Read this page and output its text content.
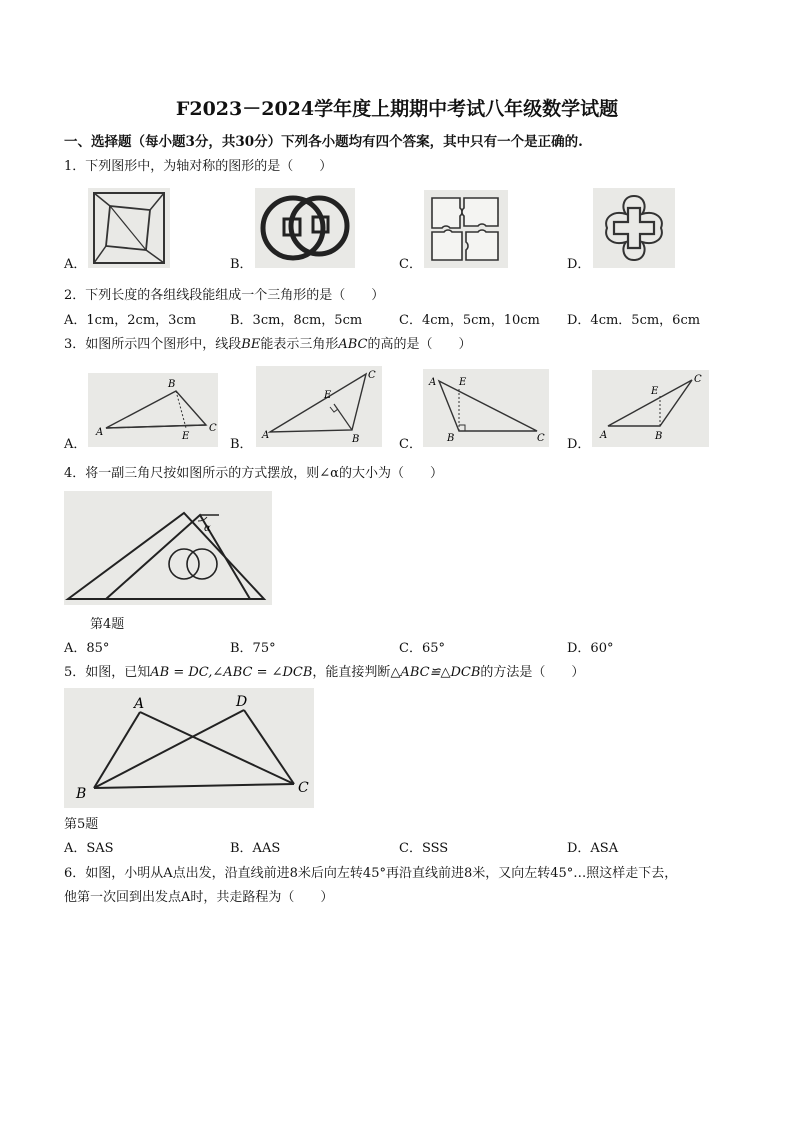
F2023－2024学年度上期期中考试八年级数学试题
一、选择题（每小题3分，共30分）下列各小题均有四个答案，其中只有一个是正确的.
1．下列图形中，为轴对称的图形的是（　　）
A．	B．	C．	D．
2．下列长度的各组线段能组成一个三角形的是（　　）
A．1cm，2cm，3cm	B．3cm，8cm，5cm	C．4cm，5cm，10cm D．4cm．5cm，6cm
3．如图所示四个图形中，线段BE能表示三角形ABC的高的是（　　）
A．
A
B
C
E
B．
A
C
B
E
C．
A E
B	C D．
A	B
C
E
4．将一副三角尺按如图所示的方式摆放，则∠α的大小为（　　）
α
第4题
A．85°	B．75°	C．65°	D．60°
5．如图，已知AB = DC,∠ABC = ∠DCB，能直接判断△ABC≌△DCB的方法是（　　）
A	D
B	C
第5题
A．SAS	B．AAS	C．SSS	D．ASA
6．如图，小明从A点出发，沿直线前进8米后向左转45°再沿直线前进8米，又向左转45°…照这样走下去，
他第一次回到出发点A时，共走路程为（　　）
